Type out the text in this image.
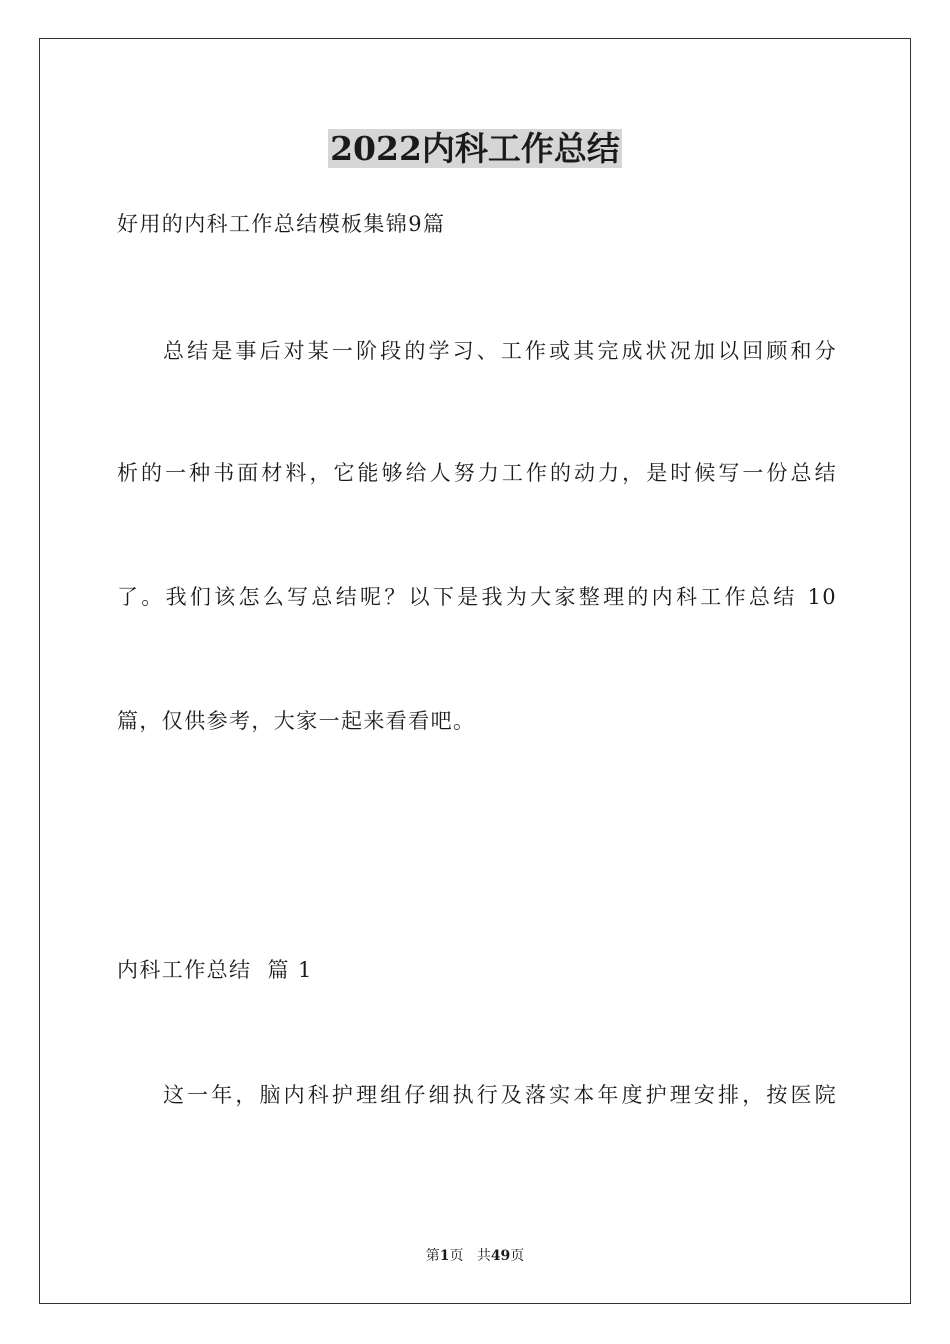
2022内科工作总结

好用的内科工作总结模板集锦9篇

总结是事后对某一阶段的学习、工作或其完成状况加以回顾和分

析的一种书面材料，它能够给人努力工作的动力，是时候写一份总结

了。我们该怎么写总结呢？以下是我为大家整理的内科工作总结 10

篇，仅供参考，大家一起来看看吧。

内科工作总结  篇 1

这一年，脑内科护理组仔细执行及落实本年度护理安排，按医院

第1页 共49页
